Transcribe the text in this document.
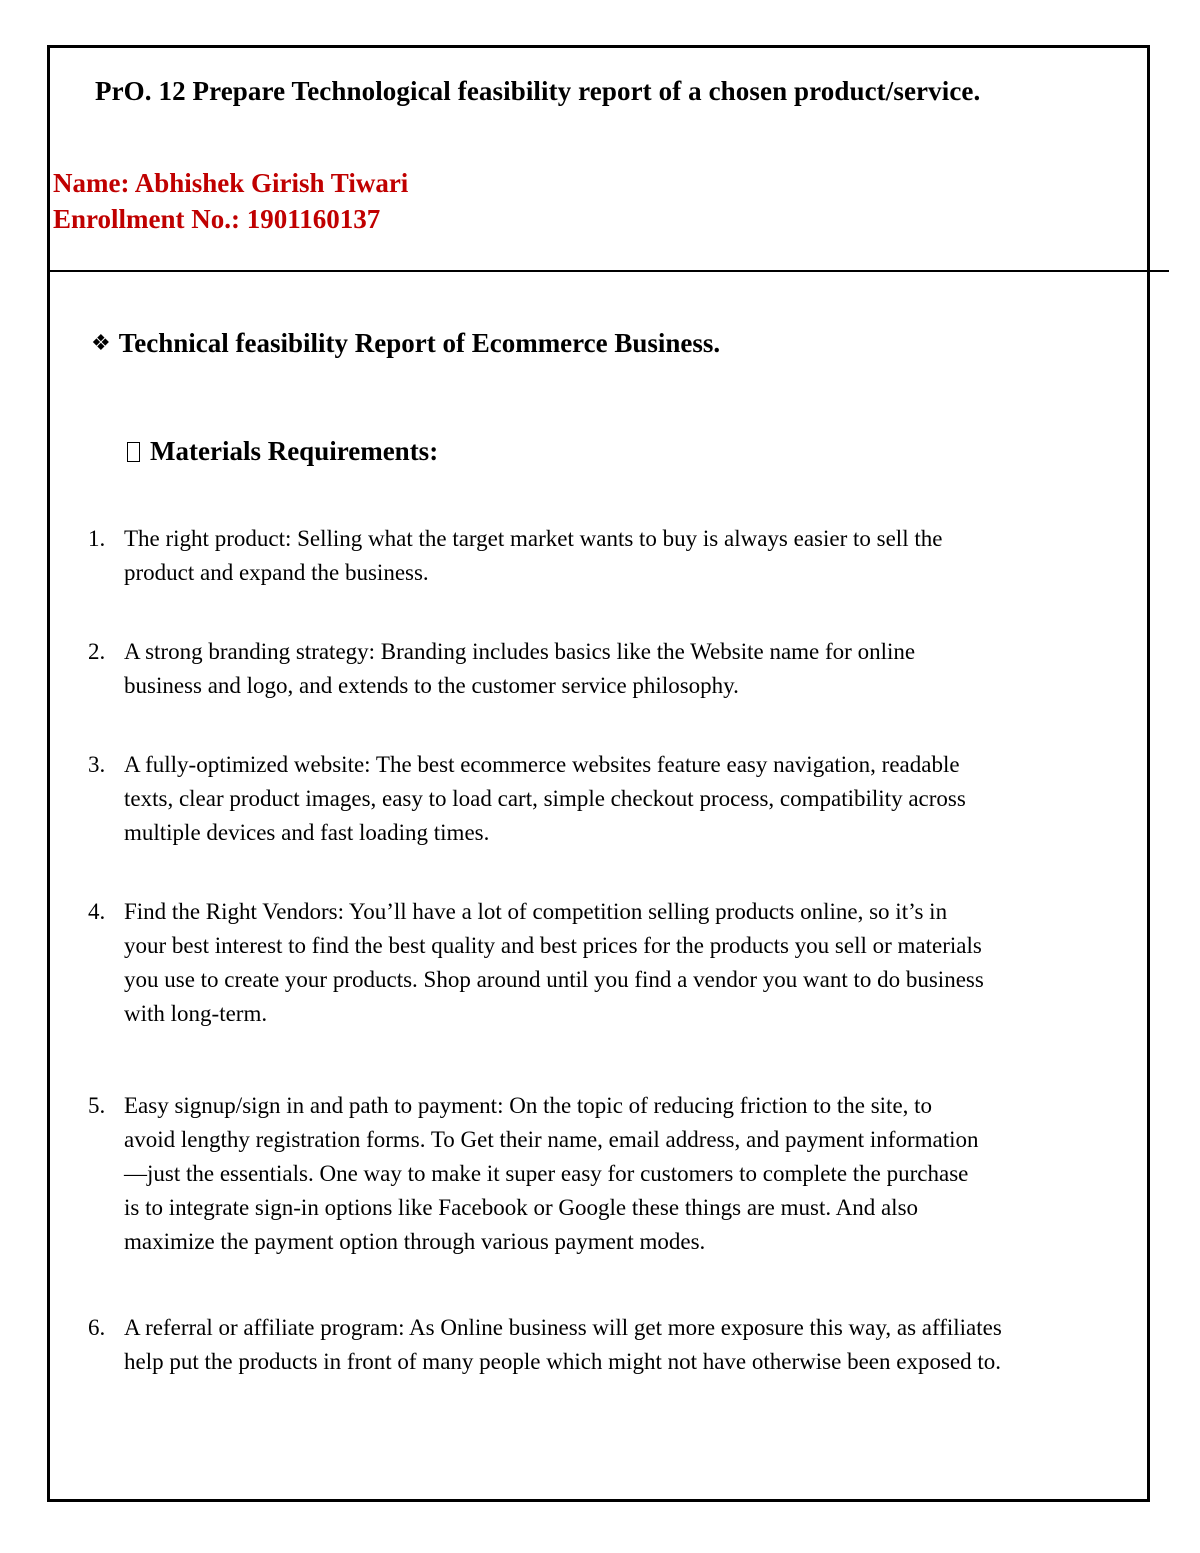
PrO. 12 Prepare Technological feasibility report of a chosen product/service.
Name: Abhishek Girish Tiwari
Enrollment No.: 1901160137
❖ Technical feasibility Report of Ecommerce Business.
Materials Requirements:
1. The right product: Selling what the target market wants to buy is always easier to sell the
product and expand the business.
2. A strong branding strategy: Branding includes basics like the Website name for online
business and logo, and extends to the customer service philosophy.
3. A fully-optimized website: The best ecommerce websites feature easy navigation, readable
texts, clear product images, easy to load cart, simple checkout process, compatibility across
multiple devices and fast loading times.
4. Find the Right Vendors: You’ll have a lot of competition selling products online, so it’s in
your best interest to find the best quality and best prices for the products you sell or materials
you use to create your products. Shop around until you find a vendor you want to do business
with long-term.
5. Easy signup/sign in and path to payment: On the topic of reducing friction to the site, to
avoid lengthy registration forms. To Get their name, email address, and payment information
—just the essentials. One way to make it super easy for customers to complete the purchase
is to integrate sign-in options like Facebook or Google these things are must. And also
maximize the payment option through various payment modes.
6. A referral or affiliate program: As Online business will get more exposure this way, as affiliates
help put the products in front of many people which might not have otherwise been exposed to.
